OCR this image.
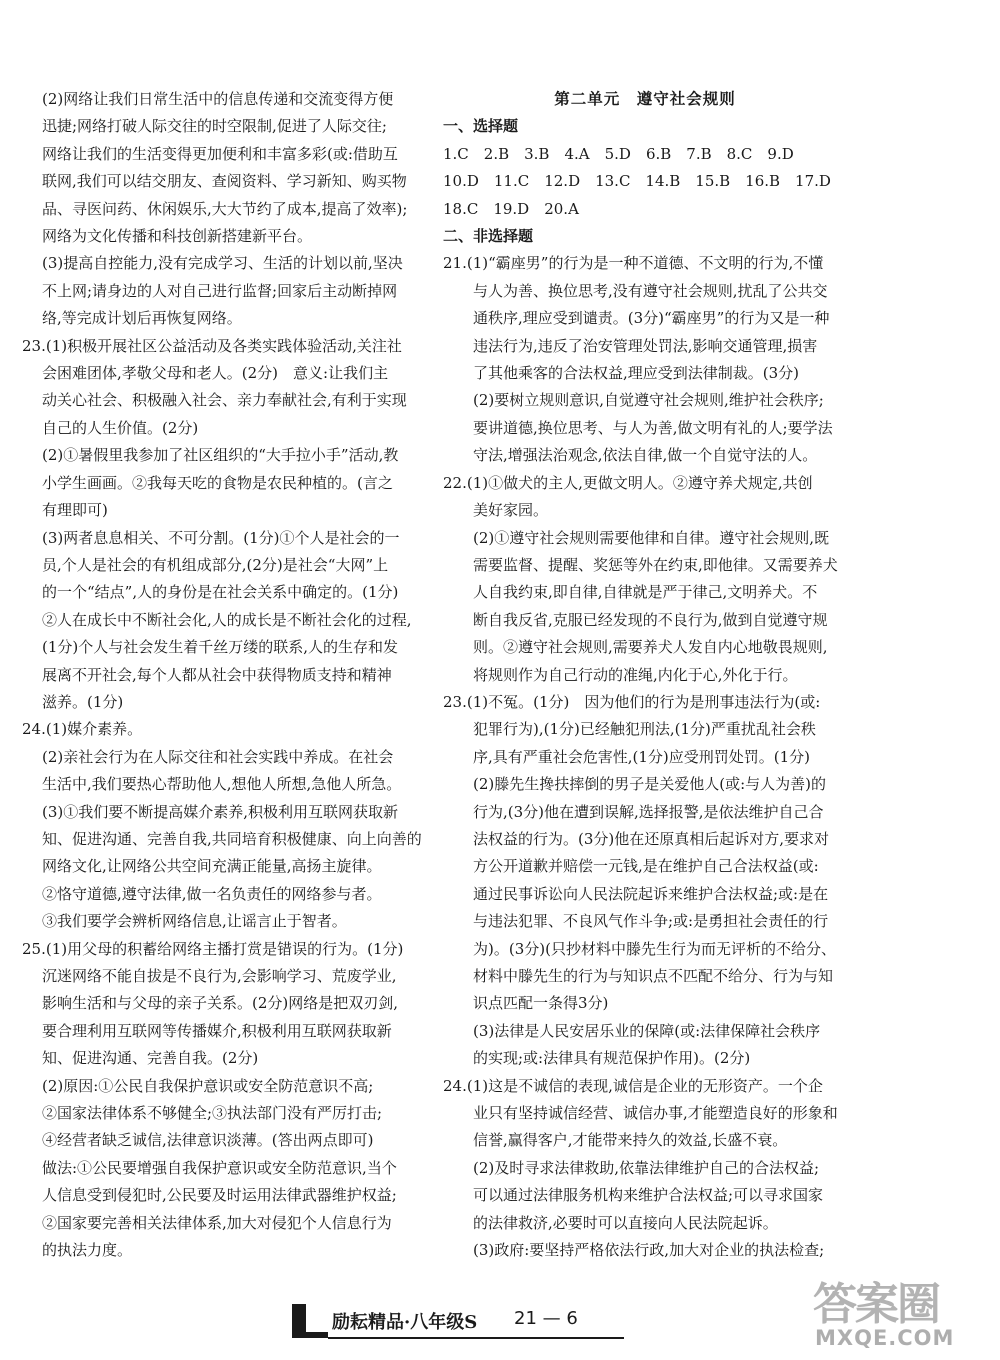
(2)网络让我们日常生活中的信息传递和交流变得方便
迅捷;网络打破人际交往的时空限制,促进了人际交往;
网络让我们的生活变得更加便利和丰富多彩(或:借助互
联网,我们可以结交朋友、查阅资料、学习新知、购买物
品、寻医问药、休闲娱乐,大大节约了成本,提高了效率);
网络为文化传播和科技创新搭建新平台。
(3)提高自控能力,没有完成学习、生活的计划以前,坚决
不上网;请身边的人对自己进行监督;回家后主动断掉网
络,等完成计划后再恢复网络。
23.(1)积极开展社区公益活动及各类实践体验活动,关注社
会困难团体,孝敬父母和老人。(2分)　意义:让我们主
动关心社会、积极融入社会、亲力奉献社会,有利于实现
自己的人生价值。(2分)
(2)①暑假里我参加了社区组织的“大手拉小手”活动,教
小学生画画。②我每天吃的食物是农民种植的。(言之
有理即可)
(3)两者息息相关、不可分割。(1分)①个人是社会的一
员,个人是社会的有机组成部分,(2分)是社会“大网”上
的一个“结点”,人的身份是在社会关系中确定的。(1分)
②人在成长中不断社会化,人的成长是不断社会化的过程,
(1分)个人与社会发生着千丝万缕的联系,人的生存和发
展离不开社会,每个人都从社会中获得物质支持和精神
滋养。(1分)
24.(1)媒介素养。
(2)亲社会行为在人际交往和社会实践中养成。在社会
生活中,我们要热心帮助他人,想他人所想,急他人所急。
(3)①我们要不断提高媒介素养,积极利用互联网获取新
知、促进沟通、完善自我,共同培育积极健康、向上向善的
网络文化,让网络公共空间充满正能量,高扬主旋律。
②恪守道德,遵守法律,做一名负责任的网络参与者。
③我们要学会辨析网络信息,让谣言止于智者。
25.(1)用父母的积蓄给网络主播打赏是错误的行为。(1分)
沉迷网络不能自拔是不良行为,会影响学习、荒废学业,
影响生活和与父母的亲子关系。(2分)网络是把双刃剑,
要合理利用互联网等传播媒介,积极利用互联网获取新
知、促进沟通、完善自我。(2分)
(2)原因:①公民自我保护意识或安全防范意识不高;
②国家法律体系不够健全;③执法部门没有严厉打击;
④经营者缺乏诚信,法律意识淡薄。(答出两点即可)
做法:①公民要增强自我保护意识或安全防范意识,当个
人信息受到侵犯时,公民要及时运用法律武器维护权益;
②国家要完善相关法律体系,加大对侵犯个人信息行为
的执法力度。
第二单元　遵守社会规则
一、选择题
1.C　2.B　3.B　4.A　5.D　6.B　7.B　8.C　9.D
10.D　11.C　12.D　13.C　14.B　15.B　16.B　17.D
18.C　19.D　20.A
二、非选择题
21.(1)“霸座男”的行为是一种不道德、不文明的行为,不懂
与人为善、换位思考,没有遵守社会规则,扰乱了公共交
通秩序,理应受到谴责。(3分)“霸座男”的行为又是一种
违法行为,违反了治安管理处罚法,影响交通管理,损害
了其他乘客的合法权益,理应受到法律制裁。(3分)
(2)要树立规则意识,自觉遵守社会规则,维护社会秩序;
要讲道德,换位思考、与人为善,做文明有礼的人;要学法
守法,增强法治观念,依法自律,做一个自觉守法的人。
22.(1)①做犬的主人,更做文明人。②遵守养犬规定,共创
美好家园。
(2)①遵守社会规则需要他律和自律。遵守社会规则,既
需要监督、提醒、奖惩等外在约束,即他律。又需要养犬
人自我约束,即自律,自律就是严于律己,文明养犬。不
断自我反省,克服已经发现的不良行为,做到自觉遵守规
则。②遵守社会规则,需要养犬人发自内心地敬畏规则,
将规则作为自己行动的准绳,内化于心,外化于行。
23.(1)不冤。(1分)　因为他们的行为是刑事违法行为(或:
犯罪行为),(1分)已经触犯刑法,(1分)严重扰乱社会秩
序,具有严重社会危害性,(1分)应受刑罚处罚。(1分)
(2)滕先生搀扶摔倒的男子是关爱他人(或:与人为善)的
行为,(3分)他在遭到误解,选择报警,是依法维护自己合
法权益的行为。(3分)他在还原真相后起诉对方,要求对
方公开道歉并赔偿一元钱,是在维护自己合法权益(或:
通过民事诉讼向人民法院起诉来维护合法权益;或:是在
与违法犯罪、不良风气作斗争;或:是勇担社会责任的行
为)。(3分)(只抄材料中滕先生行为而无评析的不给分、
材料中滕先生的行为与知识点不匹配不给分、行为与知
识点匹配一条得3分)
(3)法律是人民安居乐业的保障(或:法律保障社会秩序
的实现;或:法律具有规范保护作用)。(2分)
24.(1)这是不诚信的表现,诚信是企业的无形资产。一个企
业只有坚持诚信经营、诚信办事,才能塑造良好的形象和
信誉,赢得客户,才能带来持久的效益,长盛不衰。
(2)及时寻求法律救助,依靠法律维护自己的合法权益;
可以通过法律服务机构来维护合法权益;可以寻求国家
的法律救济,必要时可以直接向人民法院起诉。
(3)政府:要坚持严格依法行政,加大对企业的执法检查;
励耘精品·八年级S 21 — 6	答案圈
MXQE.COM
